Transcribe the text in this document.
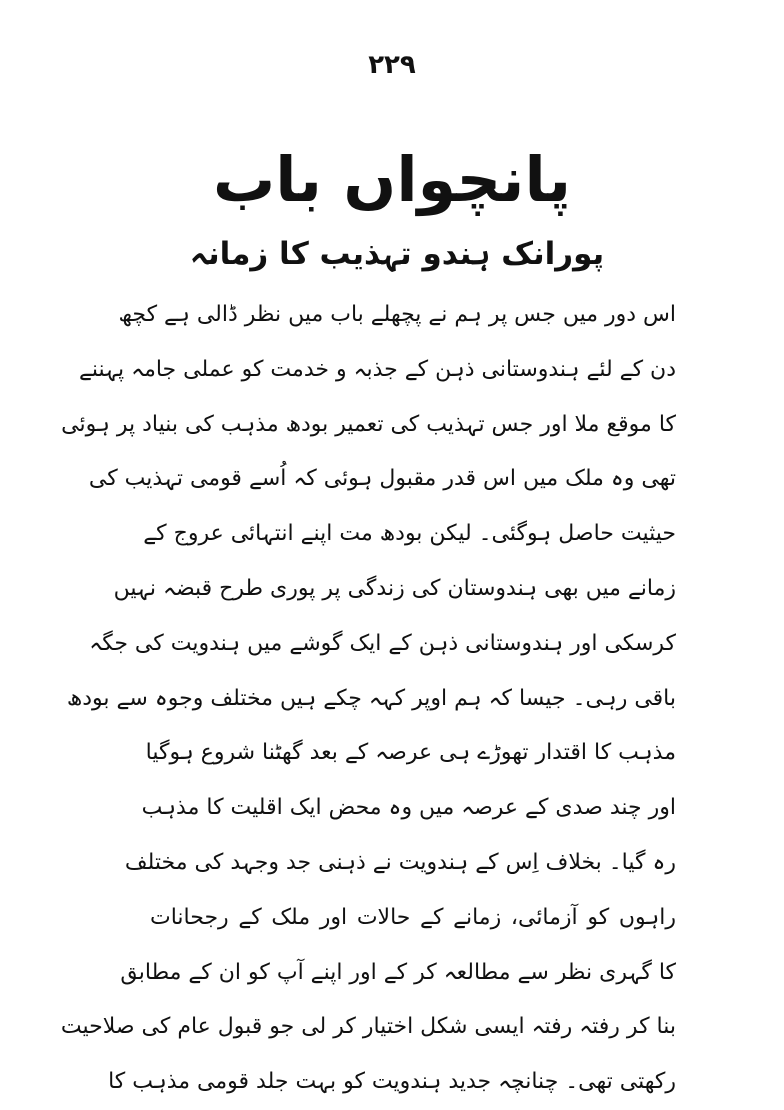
۲۲۹
پانچواں باب
پورانک ہندو تہذیب کا زمانہ
اس دور میں جس پر ہم نے پچھلے باب میں نظر ڈالی ہے کچھ
دن کے لئے ہندوستانی ذہن کے جذبہ و خدمت کو عملی جامہ پہننے
کا موقع ملا اور جس تہذیب کی تعمیر بودھ مذہب کی بنیاد پر ہوئی
تھی وہ ملک میں اس قدر مقبول ہوئی کہ اُسے قومی تہذیب کی
حیثیت حاصل ہوگئی۔ لیکن بودھ مت اپنے انتہائی عروج کے
زمانے میں بھی ہندوستان کی زندگی پر پوری طرح قبضہ نہیں
کرسکی اور ہندوستانی ذہن کے ایک گوشے میں ہندویت کی جگہ
باقی رہی۔ جیسا کہ ہم اوپر کہہ چکے ہیں مختلف وجوہ سے بودھ
مذہب کا اقتدار تھوڑے ہی عرصہ کے بعد گھٹنا شروع ہوگیا
اور چند صدی کے عرصہ میں وہ محض ایک اقلیت کا مذہب
رہ گیا۔ بخلاف اِس کے ہندویت نے ذہنی جد وجہد کی مختلف
راہوں کو آزمائی، زمانے کے حالات اور ملک کے رجحانات
کا گہری نظر سے مطالعہ کر کے اور اپنے آپ کو ان کے مطابق
بنا کر رفتہ رفتہ ایسی شکل اختیار کر لی جو قبول عام کی صلاحیت
رکھتی تھی۔ چنانچہ جدید ہندویت کو بہت جلد قومی مذہب کا
